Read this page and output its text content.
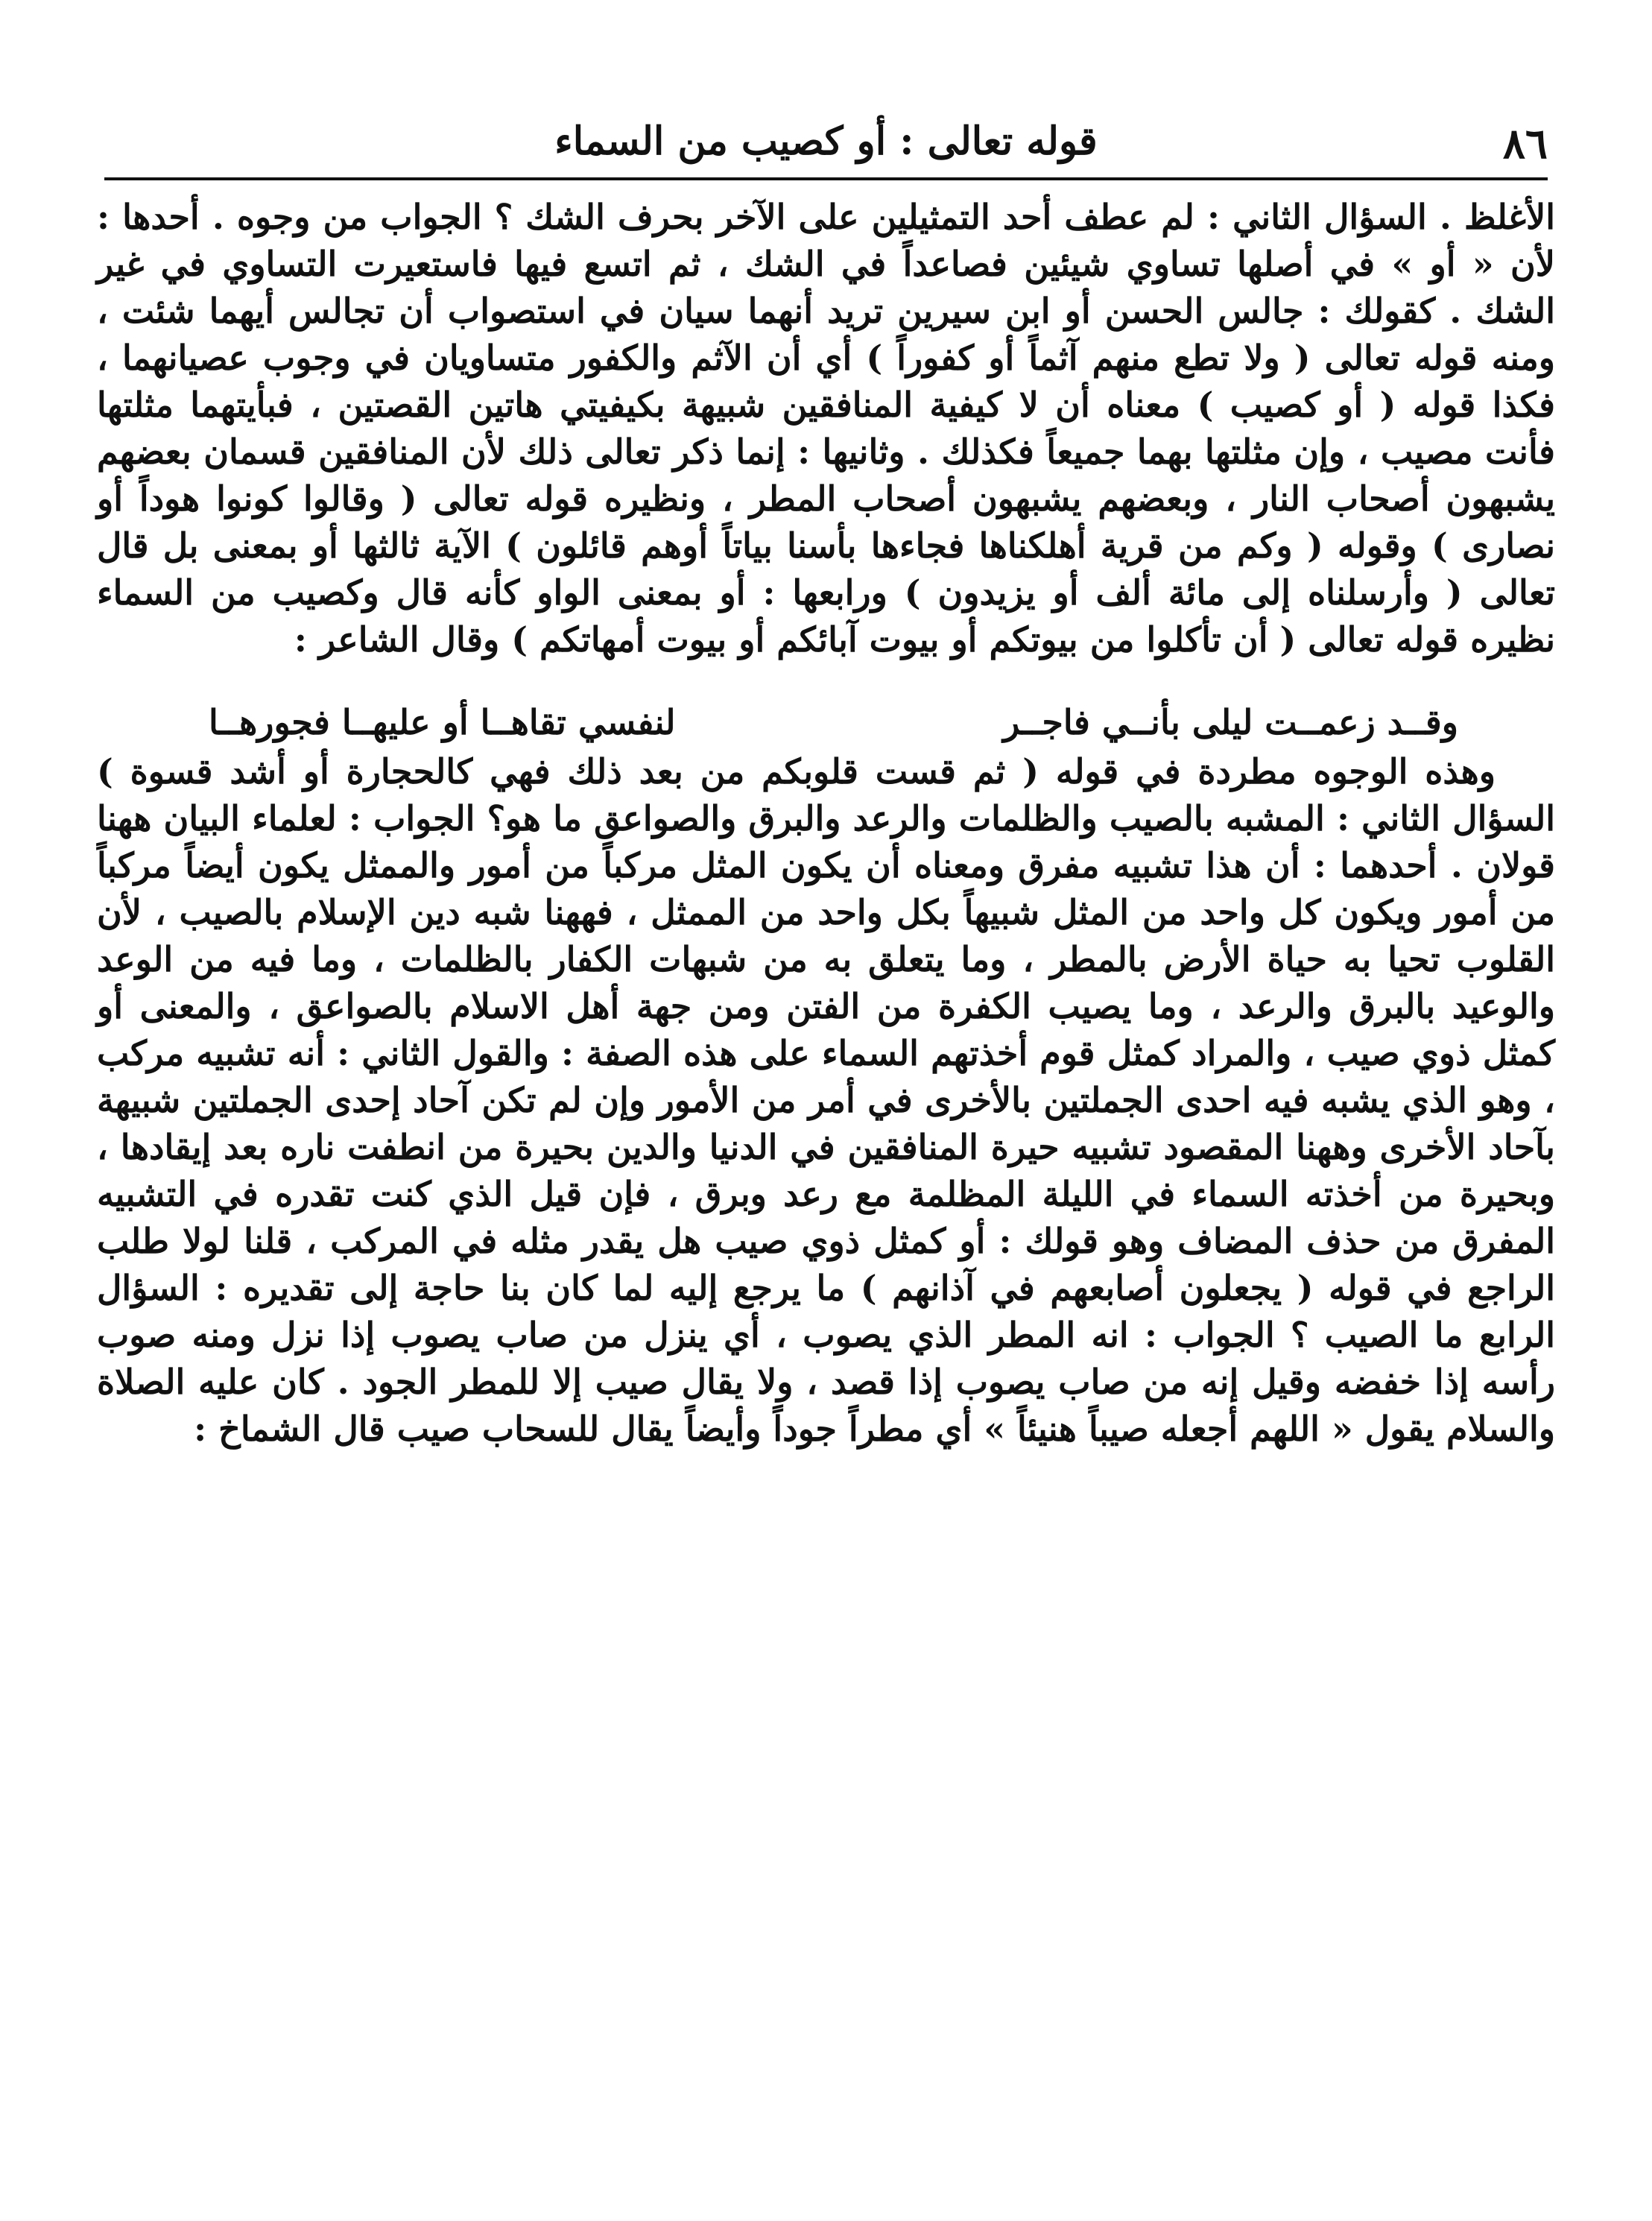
٨٦
قوله تعالى : أو كصيب من السماء

الأغلظ . السؤال الثاني : لم عطف أحد التمثيلين على الآخر بحرف الشك ؟ الجواب من وجوه . أحدها : لأن « أو » في أصلها تساوي شيئين فصاعداً في الشك ، ثم اتسع فيها فاستعيرت التساوي في غير الشك . كقولك : جالس الحسن أو ابن سيرين تريد أنهما سيان في استصواب أن تجالس أيهما شئت ، ومنه قوله تعالى ( ولا تطع منهم آثماً أو كفوراً ) أي أن الآثم والكفور متساويان في وجوب عصيانهما ، فكذا قوله ( أو كصيب ) معناه أن لا كيفية المنافقين شبيهة بكيفيتي هاتين القصتين ، فبأيتهما مثلتها فأنت مصيب ، وإن مثلتها بهما جميعاً فكذلك . وثانيها : إنما ذكر تعالى ذلك لأن المنافقين قسمان بعضهم يشبهون أصحاب النار ، وبعضهم يشبهون أصحاب المطر ، ونظيره قوله تعالى ( وقالوا كونوا هوداً أو نصارى ) وقوله ( وكم من قرية أهلكناها فجاءها بأسنا بياتاً أوهم قائلون ) الآية ثالثها أو بمعنى بل قال تعالى ( وأرسلناه إلى مائة ألف أو يزيدون ) ورابعها : أو بمعنى الواو كأنه قال وكصيب من السماء نظيره قوله تعالى ( أن تأكلوا من بيوتكم أو بيوت آبائكم أو بيوت أمهاتكم ) وقال الشاعر :

وقــد زعمــت ليلى بأنــي فاجــر
لنفسي تقاهــا أو عليهــا فجورهــا

وهذه الوجوه مطردة في قوله ( ثم قست قلوبكم من بعد ذلك فهي كالحجارة أو أشد قسوة ) السؤال الثاني : المشبه بالصيب والظلمات والرعد والبرق والصواعق ما هو؟ الجواب : لعلماء البيان ههنا قولان . أحدهما : أن هذا تشبيه مفرق ومعناه أن يكون المثل مركباً من أمور والممثل يكون أيضاً مركباً من أمور ويكون كل واحد من المثل شبيهاً بكل واحد من الممثل ، فههنا شبه دين الإسلام بالصيب ، لأن القلوب تحيا به حياة الأرض بالمطر ، وما يتعلق به من شبهات الكفار بالظلمات ، وما فيه من الوعد والوعيد بالبرق والرعد ، وما يصيب الكفرة من الفتن ومن جهة أهل الاسلام بالصواعق ، والمعنى أو كمثل ذوي صيب ، والمراد كمثل قوم أخذتهم السماء على هذه الصفة : والقول الثاني : أنه تشبيه مركب ، وهو الذي يشبه فيه احدى الجملتين بالأخرى في أمر من الأمور وإن لم تكن آحاد إحدى الجملتين شبيهة بآحاد الأخرى وههنا المقصود تشبيه حيرة المنافقين في الدنيا والدين بحيرة من انطفت ناره بعد إيقادها ، وبحيرة من أخذته السماء في الليلة المظلمة مع رعد وبرق ، فإن قيل الذي كنت تقدره في التشبيه المفرق من حذف المضاف وهو قولك : أو كمثل ذوي صيب هل يقدر مثله في المركب ، قلنا لولا طلب الراجع في قوله ( يجعلون أصابعهم في آذانهم ) ما يرجع إليه لما كان بنا حاجة إلى تقديره : السؤال الرابع ما الصيب ؟ الجواب : انه المطر الذي يصوب ، أي ينزل من صاب يصوب إذا نزل ومنه صوب رأسه إذا خفضه وقيل إنه من صاب يصوب إذا قصد ، ولا يقال صيب إلا للمطر الجود . كان عليه الصلاة والسلام يقول « اللهم أجعله صيباً هنيئاً » أي مطراً جوداً وأيضاً يقال للسحاب صيب قال الشماخ :
